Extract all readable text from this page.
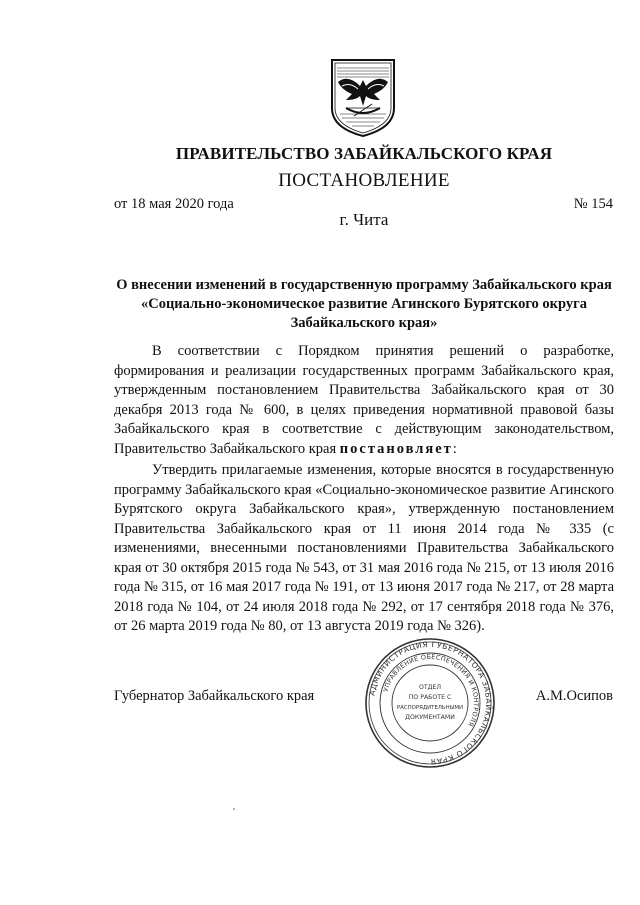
ПРАВИТЕЛЬСТВО ЗАБАЙКАЛЬСКОГО КРАЯ
ПОСТАНОВЛЕНИЕ
от 18 мая 2020 года	№ 154
г. Чита
О внесении изменений в государственную программу Забайкальского края «Социально-экономическое развитие Агинского Бурятского округа Забайкальского края»

В соответствии с Порядком принятия решений о разработке, формирования и реализации государственных программ Забайкальского края, утвержденным постановлением Правительства Забайкальского края от 30 декабря 2013 года № 600, в целях приведения нормативной правовой базы Забайкальского края в соответствие с действующим законодательством, Правительство Забайкальского края постановляет:

Утвердить прилагаемые изменения, которые вносятся в государственную программу Забайкальского края «Социально-экономическое развитие Агинского Бурятского округа Забайкальского края», утвержденную постановлением Правительства Забайкальского края от 11 июня 2014 года № 335 (с изменениями, внесенными постановлениями Правительства Забайкальского края от 30 октября 2015 года № 543, от 31 мая 2016 года № 215, от 13 июля 2016 года № 315, от 16 мая 2017 года № 191, от 13 июня 2017 года № 217, от 28 марта 2018 года № 104, от 24 июля 2018 года № 292, от 17 сентября 2018 года № 376, от 26 марта 2019 года № 80, от 13 августа 2019 года № 326).

Губернатор Забайкальского края	А.М.Осипов
АДМИНИСТРАЦИЯ ГУБЕРНАТОРА ЗАБАЙКАЛЬСКОГО КРАЯ
УПРАВЛЕНИЕ ОБЕСПЕЧЕНИЯ И КОНТРОЛЯ
ОТДЕЛ
ПО РАБОТЕ С
РАСПОРЯДИТЕЛЬНЫМИ
ДОКУМЕНТАМИ
